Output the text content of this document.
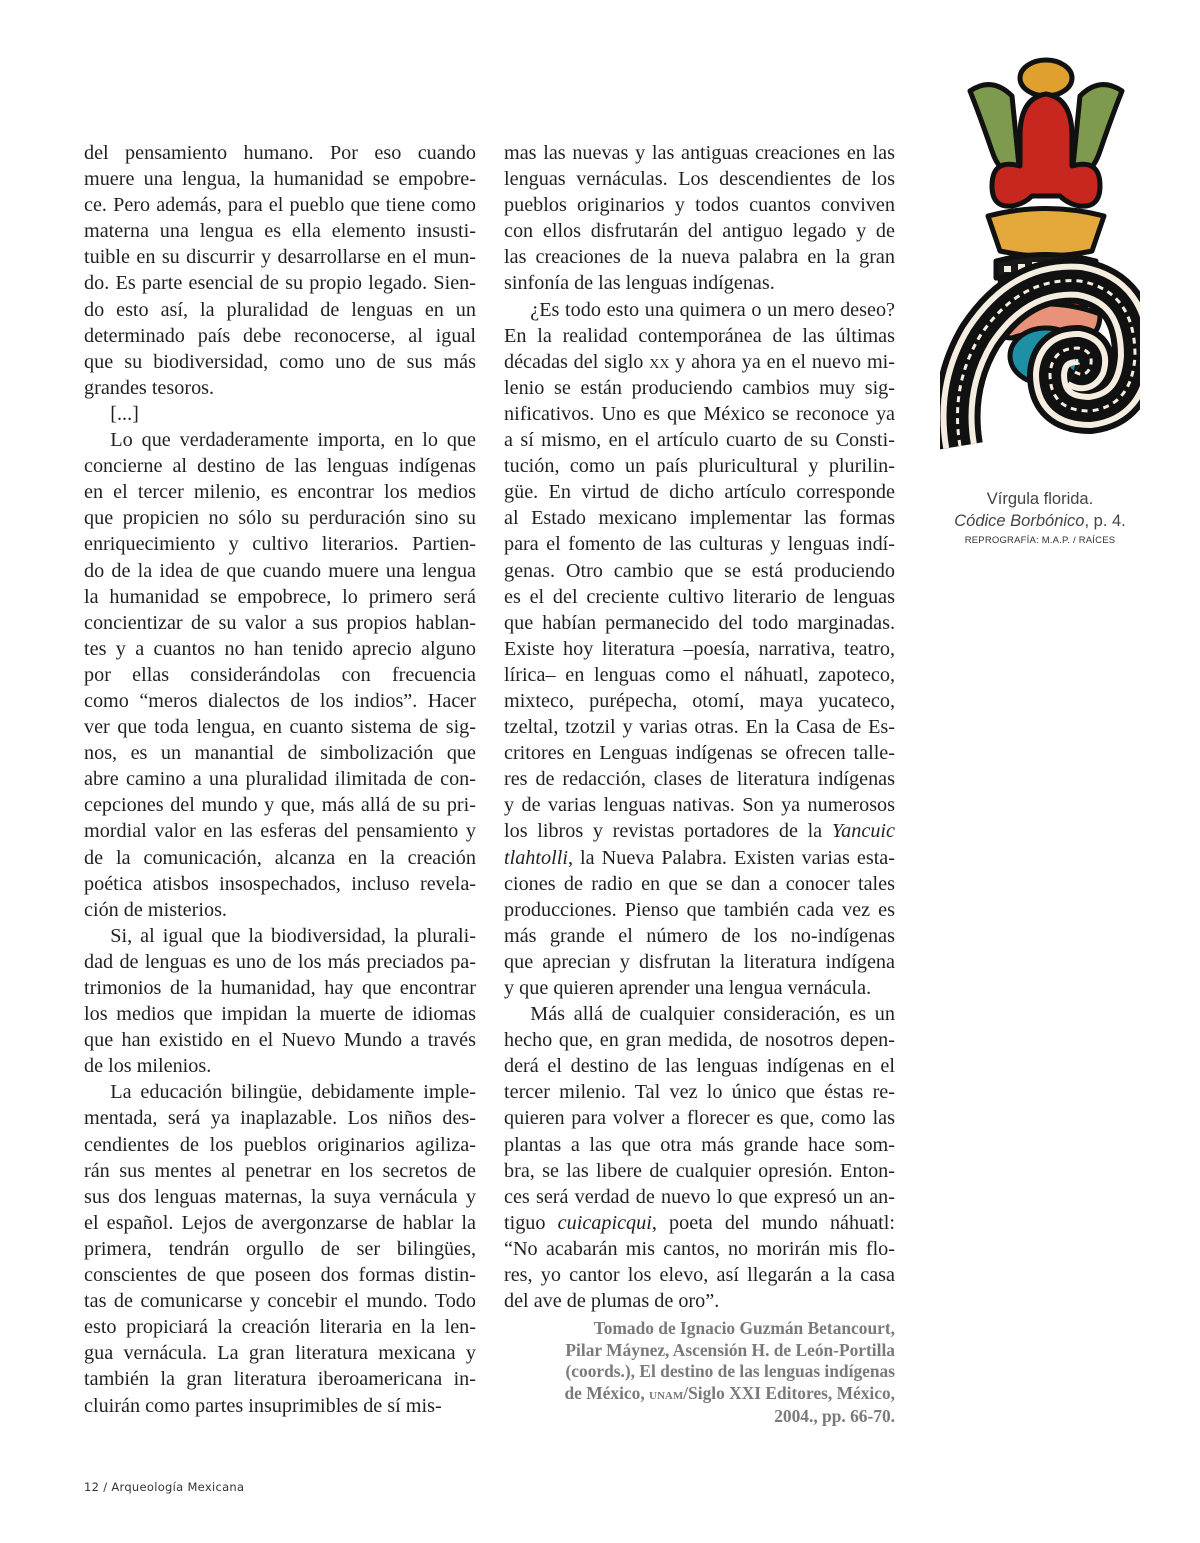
del pensamiento humano. Por eso cuando
muere una lengua, la humanidad se empobre-
ce. Pero además, para el pueblo que tiene como
materna una lengua es ella elemento insusti-
tuible en su discurrir y desarrollarse en el mun-
do. Es parte esencial de su propio legado. Sien-
do esto así, la pluralidad de lenguas en un
determinado país debe reconocerse, al igual
que su biodiversidad, como uno de sus más
grandes tesoros.

[...]

Lo que verdaderamente importa, en lo que
concierne al destino de las lenguas indígenas
en el tercer milenio, es encontrar los medios
que propicien no sólo su perduración sino su
enriquecimiento y cultivo literarios. Partien-
do de la idea de que cuando muere una lengua
la humanidad se empobrece, lo primero será
concientizar de su valor a sus propios hablan-
tes y a cuantos no han tenido aprecio alguno
por ellas considerándolas con frecuencia
como “meros dialectos de los indios”. Hacer
ver que toda lengua, en cuanto sistema de sig-
nos, es un manantial de simbolización que
abre camino a una pluralidad ilimitada de con-
cepciones del mundo y que, más allá de su pri-
mordial valor en las esferas del pensamiento y
de la comunicación, alcanza en la creación
poética atisbos insospechados, incluso revela-
ción de misterios.

Si, al igual que la biodiversidad, la plurali-
dad de lenguas es uno de los más preciados pa-
trimonios de la humanidad, hay que encontrar
los medios que impidan la muerte de idiomas
que han existido en el Nuevo Mundo a través
de los milenios.

La educación bilingüe, debidamente imple-
mentada, será ya inaplazable. Los niños des-
cendientes de los pueblos originarios agiliza-
rán sus mentes al penetrar en los secretos de
sus dos lenguas maternas, la suya vernácula y
el español. Lejos de avergonzarse de hablar la
primera, tendrán orgullo de ser bilingües,
conscientes de que poseen dos formas distin-
tas de comunicarse y concebir el mundo. Todo
esto propiciará la creación literaria en la len-
gua vernácula. La gran literatura mexicana y
también la gran literatura iberoamericana in-
cluirán como partes insuprimibles de sí mis-

mas las nuevas y las antiguas creaciones en las
lenguas vernáculas. Los descendientes de los
pueblos originarios y todos cuantos conviven
con ellos disfrutarán del antiguo legado y de
las creaciones de la nueva palabra en la gran
sinfonía de las lenguas indígenas.

¿Es todo esto una quimera o un mero deseo?
En la realidad contemporánea de las últimas
décadas del siglo xx y ahora ya en el nuevo mi-
lenio se están produciendo cambios muy sig-
nificativos. Uno es que México se reconoce ya
a sí mismo, en el artículo cuarto de su Consti-
tución, como un país pluricultural y plurilin-
güe. En virtud de dicho artículo corresponde
al Estado mexicano implementar las formas
para el fomento de las culturas y lenguas indí-
genas. Otro cambio que se está produciendo
es el del creciente cultivo literario de lenguas
que habían permanecido del todo marginadas.
Existe hoy literatura –poesía, narrativa, teatro,
lírica– en lenguas como el náhuatl, zapoteco,
mixteco, purépecha, otomí, maya yucateco,
tzeltal, tzotzil y varias otras. En la Casa de Es-
critores en Lenguas indígenas se ofrecen talle-
res de redacción, clases de literatura indígenas
y de varias lenguas nativas. Son ya numerosos
los libros y revistas portadores de la Yancuic
tlahtolli, la Nueva Palabra. Existen varias esta-
ciones de radio en que se dan a conocer tales
producciones. Pienso que también cada vez es
más grande el número de los no-indígenas
que aprecian y disfrutan la literatura indígena
y que quieren aprender una lengua vernácula.

Más allá de cualquier consideración, es un
hecho que, en gran medida, de nosotros depen-
derá el destino de las lenguas indígenas en el
tercer milenio. Tal vez lo único que éstas re-
quieren para volver a florecer es que, como las
plantas a las que otra más grande hace som-
bra, se las libere de cualquier opresión. Enton-
ces será verdad de nuevo lo que expresó un an-
tiguo cuicapicqui, poeta del mundo náhuatl:
“No acabarán mis cantos, no morirán mis flo-
res, yo cantor los elevo, así llegarán a la casa
del ave de plumas de oro”.

Tomado de Ignacio Guzmán Betancourt,
Pilar Máynez, Ascensión H. de León-Portilla
(coords.), El destino de las lenguas indígenas
de México, unam/Siglo XXI Editores, México,
2004., pp. 66-70.
Vírgula florida.
Códice Borbónico, p. 4.
REPROGRAFÍA: M.A.P. / RAÍCES
12 / Arqueología Mexicana
